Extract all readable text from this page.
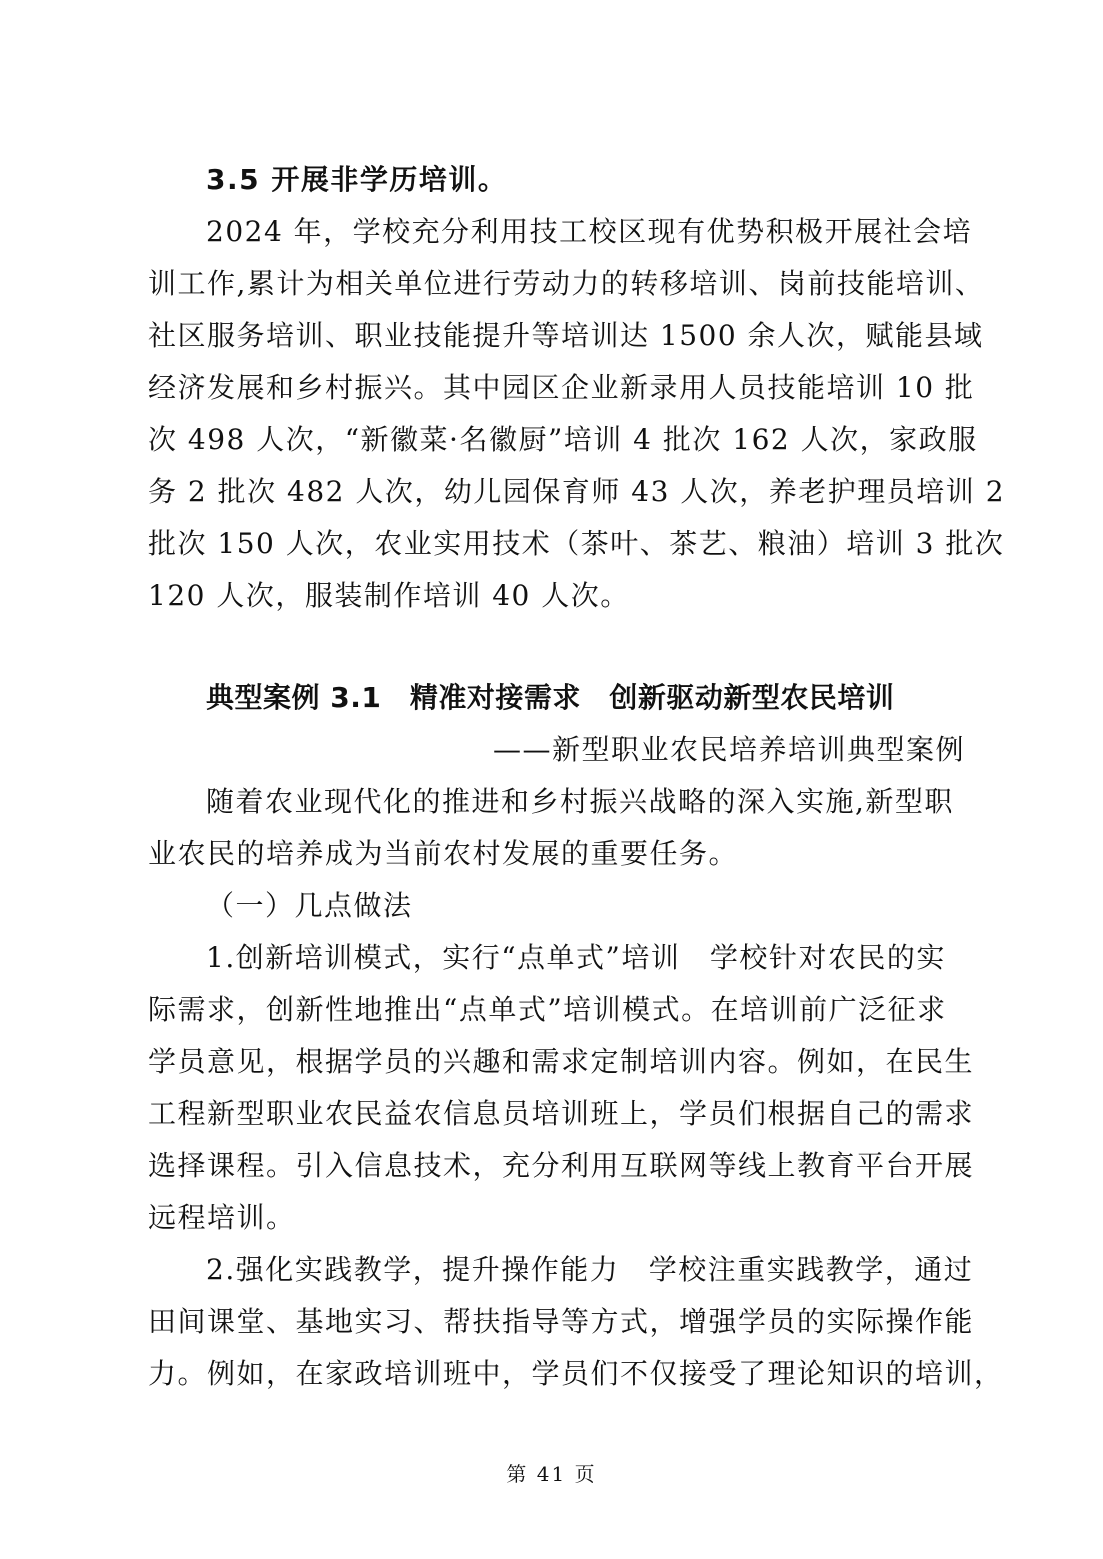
3.5 开展非学历培训。
2024 年，学校充分利用技工校区现有优势积极开展社会培
训工作,累计为相关单位进行劳动力的转移培训、岗前技能培训、
社区服务培训、职业技能提升等培训达 1500 余人次，赋能县域
经济发展和乡村振兴。其中园区企业新录用人员技能培训 10 批
次 498 人次，“新徽菜·名徽厨”培训 4 批次 162 人次，家政服
务 2 批次 482 人次，幼儿园保育师 43 人次，养老护理员培训 2
批次 150 人次，农业实用技术（茶叶、茶艺、粮油）培训 3 批次
120 人次，服装制作培训 40 人次。
典型案例 3.1　精准对接需求　创新驱动新型农民培训
——新型职业农民培养培训典型案例
随着农业现代化的推进和乡村振兴战略的深入实施,新型职
业农民的培养成为当前农村发展的重要任务。
（一）几点做法
1.创新培训模式，实行“点单式”培训　学校针对农民的实
际需求，创新性地推出“点单式”培训模式。在培训前广泛征求
学员意见，根据学员的兴趣和需求定制培训内容。例如，在民生
工程新型职业农民益农信息员培训班上，学员们根据自己的需求
选择课程。引入信息技术，充分利用互联网等线上教育平台开展
远程培训。
2.强化实践教学，提升操作能力　学校注重实践教学，通过
田间课堂、基地实习、帮扶指导等方式，增强学员的实际操作能
力。例如，在家政培训班中，学员们不仅接受了理论知识的培训，
第 41 页
